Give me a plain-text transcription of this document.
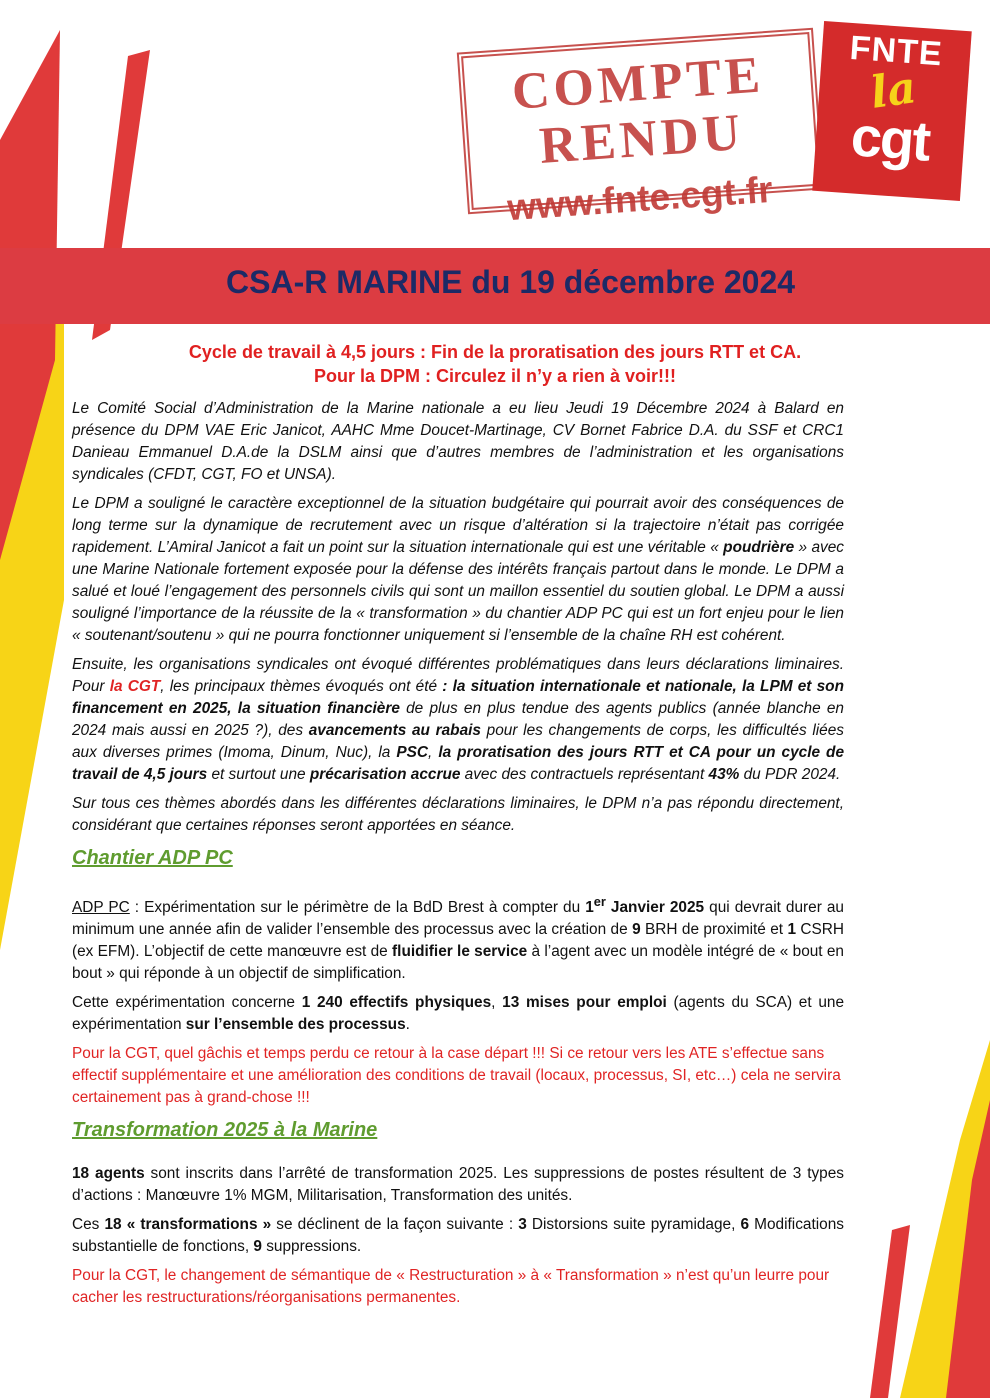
COMPTE
RENDU
www.fnte.cgt.fr
FNTE
la
cgt
CSA-R MARINE du 19 décembre 2024
Cycle de travail à 4,5 jours : Fin de la proratisation des jours RTT et CA.
Pour la DPM : Circulez il n’y a rien à voir!!!

Le Comité Social d’Administration de la Marine nationale a eu lieu Jeudi 19 Décembre 2024 à Balard en présence du DPM VAE Eric Janicot, AAHC Mme Doucet-Martinage, CV Bornet Fabrice D.A. du SSF et CRC1 Danieau Emmanuel D.A.de la DSLM ainsi que d’autres membres de l’administration et les organisations syndicales (CFDT, CGT, FO et UNSA).

Le DPM a souligné le caractère exceptionnel de la situation budgétaire qui pourrait avoir des conséquences de long terme sur la dynamique de recrutement avec un risque d’altération si la trajectoire n’était pas corrigée rapidement. L’Amiral Janicot a fait un point sur la situation internationale qui est une véritable « poudrière » avec une Marine Nationale fortement exposée pour la défense des intérêts français partout dans le monde. Le DPM a salué et loué l’engagement des personnels civils qui sont un maillon essentiel du soutien global. Le DPM a aussi souligné l’importance de la réussite de la « transformation » du chantier ADP PC qui est un fort enjeu pour le lien « soutenant/soutenu » qui ne pourra fonctionner uniquement si l’ensemble de la chaîne RH est cohérent.

Ensuite, les organisations syndicales ont évoqué différentes problématiques dans leurs déclarations liminaires. Pour la CGT, les principaux thèmes évoqués ont été : la situation internationale et nationale, la LPM et son financement en 2025, la situation financière de plus en plus tendue des agents publics (année blanche en 2024 mais aussi en 2025 ?), des avancements au rabais pour les changements de corps, les difficultés liées aux diverses primes (Imoma, Dinum, Nuc), la PSC, la proratisation des jours RTT et CA pour un cycle de travail de 4,5 jours et surtout une précarisation accrue avec des contractuels représentant 43% du PDR 2024.

Sur tous ces thèmes abordés dans les différentes déclarations liminaires, le DPM n’a pas répondu directement, considérant que certaines réponses seront apportées en séance.

Chantier ADP PC

ADP PC : Expérimentation sur le périmètre de la BdD Brest à compter du 1er Janvier 2025 qui devrait durer au minimum une année afin de valider l’ensemble des processus avec la création de 9 BRH de proximité et 1 CSRH (ex EFM). L’objectif de cette manœuvre est de fluidifier le service à l’agent avec un modèle intégré de « bout en bout » qui réponde à un objectif de simplification.

Cette expérimentation concerne 1 240 effectifs physiques, 13 mises pour emploi (agents du SCA) et une expérimentation sur l’ensemble des processus.

Pour la CGT, quel gâchis et temps perdu ce retour à la case départ !!! Si ce retour vers les ATE s’effectue sans effectif supplémentaire et une amélioration des conditions de travail (locaux, processus, SI, etc…) cela ne servira certainement pas à grand-chose !!!

Transformation 2025 à la Marine

18 agents sont inscrits dans l’arrêté de transformation 2025. Les suppressions de postes résultent de 3 types d’actions : Manœuvre 1% MGM, Militarisation, Transformation des unités.

Ces 18 « transformations » se déclinent de la façon suivante : 3 Distorsions suite pyramidage, 6 Modifications substantielle de fonctions, 9 suppressions.

Pour la CGT, le changement de sémantique de « Restructuration » à « Transformation » n’est qu’un leurre pour cacher les restructurations/réorganisations permanentes.
